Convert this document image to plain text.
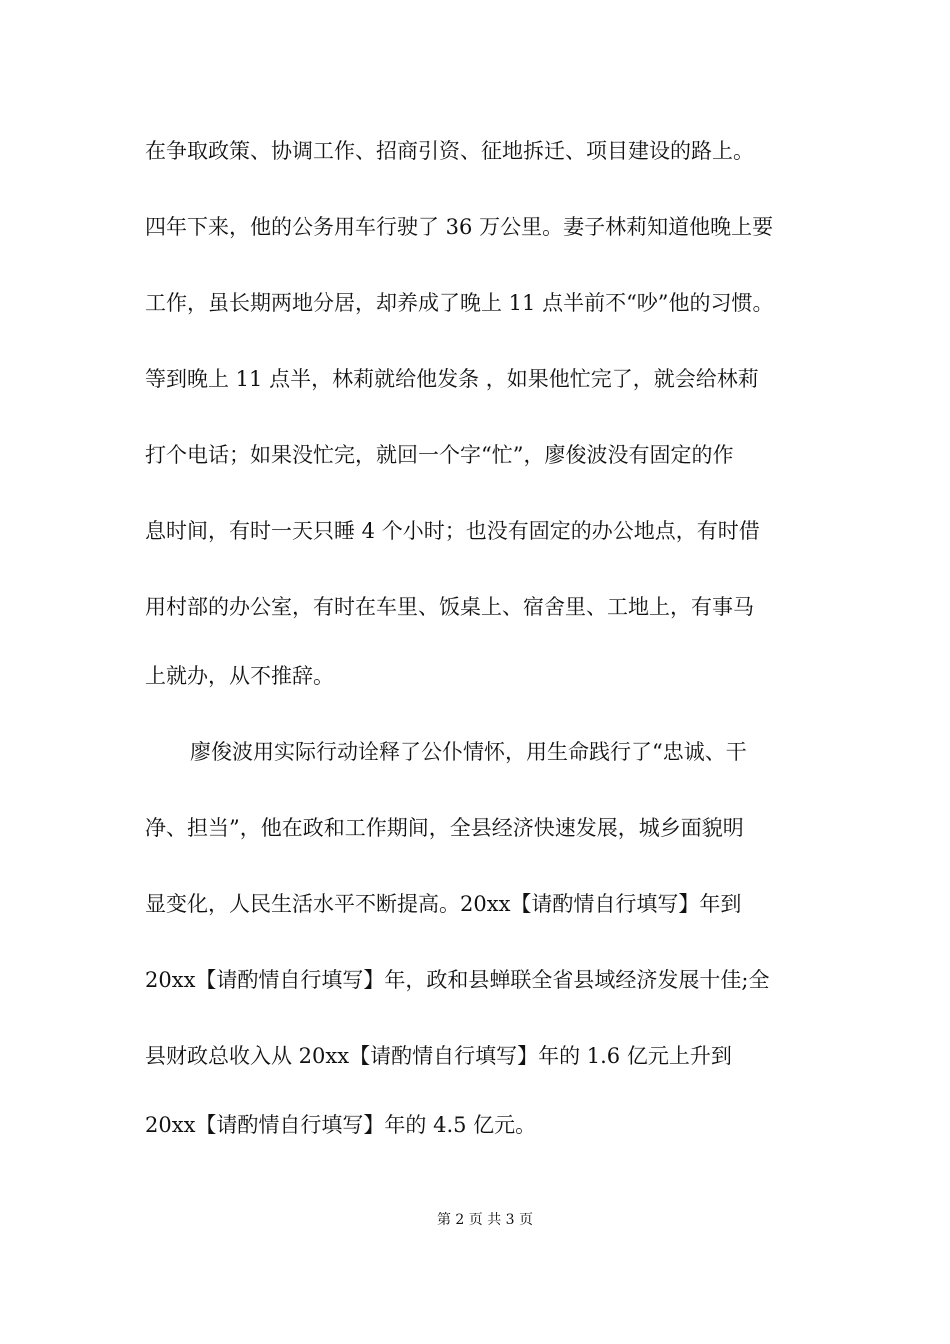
在争取政策、协调工作、招商引资、征地拆迁、项目建设的路上。
四年下来，他的公务用车行驶了 36 万公里。妻子林莉知道他晚上要
工作，虽长期两地分居，却养成了晚上 11 点半前不“吵”他的习惯。
等到晚上 11 点半，林莉就给他发条 ，如果他忙完了，就会给林莉
打个电话；如果没忙完，就回一个字“忙”，廖俊波没有固定的作
息时间，有时一天只睡 4 个小时；也没有固定的办公地点，有时借
用村部的办公室，有时在车里、饭桌上、宿舍里、工地上，有事马
上就办，从不推辞。
廖俊波用实际行动诠释了公仆情怀，用生命践行了“忠诚、干
净、担当”，他在政和工作期间，全县经济快速发展，城乡面貌明
显变化，人民生活水平不断提高。20xx【请酌情自行填写】年到
20xx【请酌情自行填写】年，政和县蝉联全省县域经济发展十佳;全
县财政总收入从 20xx【请酌情自行填写】年的 1.6 亿元上升到
20xx【请酌情自行填写】年的 4.5 亿元。
第 2 页 共 3 页
